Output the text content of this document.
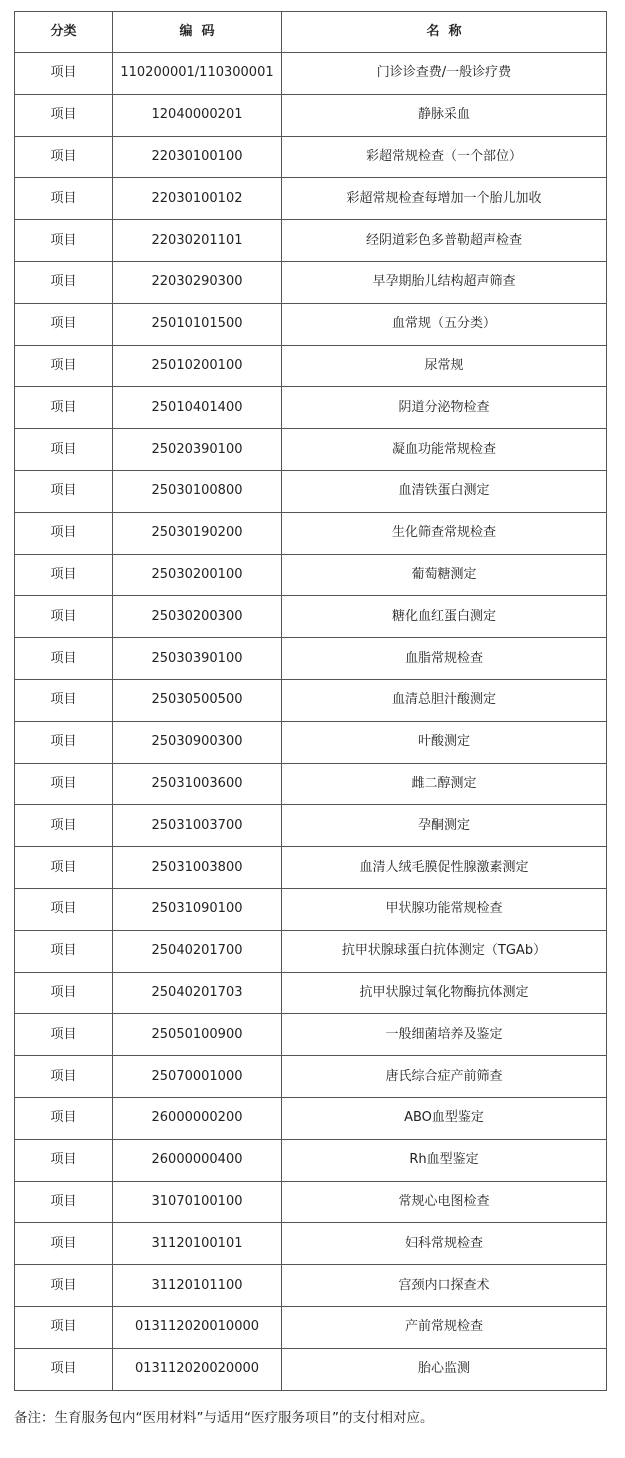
分类	编  码	名  称
项目	110200001/110300001	门诊诊查费/一般诊疗费
项目	12040000201	静脉采血
项目	22030100100	彩超常规检查（一个部位）
项目	22030100102	彩超常规检查每增加一个胎儿加收
项目	22030201101	经阴道彩色多普勒超声检查
项目	22030290300	早孕期胎儿结构超声筛查
项目	25010101500	血常规（五分类）
项目	25010200100	尿常规
项目	25010401400	阴道分泌物检查
项目	25020390100	凝血功能常规检查
项目	25030100800	血清铁蛋白测定
项目	25030190200	生化筛查常规检查
项目	25030200100	葡萄糖测定
项目	25030200300	糖化血红蛋白测定
项目	25030390100	血脂常规检查
项目	25030500500	血清总胆汁酸测定
项目	25030900300	叶酸测定
项目	25031003600	雌二醇测定
项目	25031003700	孕酮测定
项目	25031003800	血清人绒毛膜促性腺激素测定
项目	25031090100	甲状腺功能常规检查
项目	25040201700	抗甲状腺球蛋白抗体测定（TGAb）
项目	25040201703	抗甲状腺过氧化物酶抗体测定
项目	25050100900	一般细菌培养及鉴定
项目	25070001000	唐氏综合症产前筛查
项目	26000000200	ABO血型鉴定
项目	26000000400	Rh血型鉴定
项目	31070100100	常规心电图检查
项目	31120100101	妇科常规检查
项目	31120101100	宫颈内口探查术
项目	013112020010000	产前常规检查
项目	013112020020000	胎心监测
备注：生育服务包内“医用材料”与适用“医疗服务项目”的支付相对应。
